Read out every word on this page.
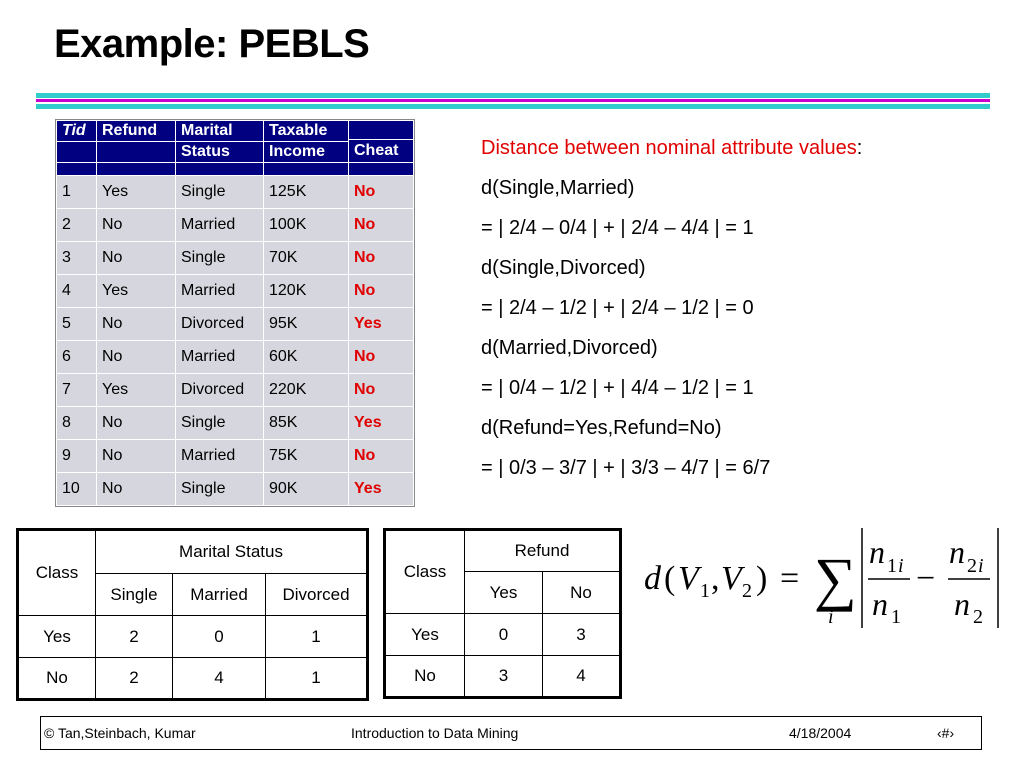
Example: PEBLS
Tid	Refund	Marital	Taxable	Cheat

		Status	Income	

1	Yes	Single	125K	No
2	No	Married	100K	No
3	No	Single	70K	No
4	Yes	Married	120K	No
5	No	Divorced	95K	Yes
6	No	Married	60K	No
7	Yes	Divorced	220K	No
8	No	Single	85K	Yes
9	No	Married	75K	No
10	No	Single	90K	Yes
Distance between nominal attribute values:
d(Single,Married)
= | 2/4 – 0/4 | + | 2/4 – 4/4 | = 1
d(Single,Divorced)
= | 2/4 – 1/2 | + | 2/4 – 1/2 | = 0
d(Married,Divorced)
= | 0/4 – 1/2 | + | 4/4 – 1/2 | = 1
d(Refund=Yes,Refund=No)
= | 0/3 – 3/7 | + | 3/3 – 4/7 | = 6/7
Class	Marital Status		
	Single	Married	Divorced
Yes	2	0	1
No	2	4	1
Class	Refund	
	Yes	No
Yes	0	3
No	3	4
d ( V 1 , V 2 ) = ∑
i
n 1 i
n 1
−
n 2 i
n 2
© Tan,Steinbach, Kumar	Introduction to Data Mining	4/18/2004	‹#›
